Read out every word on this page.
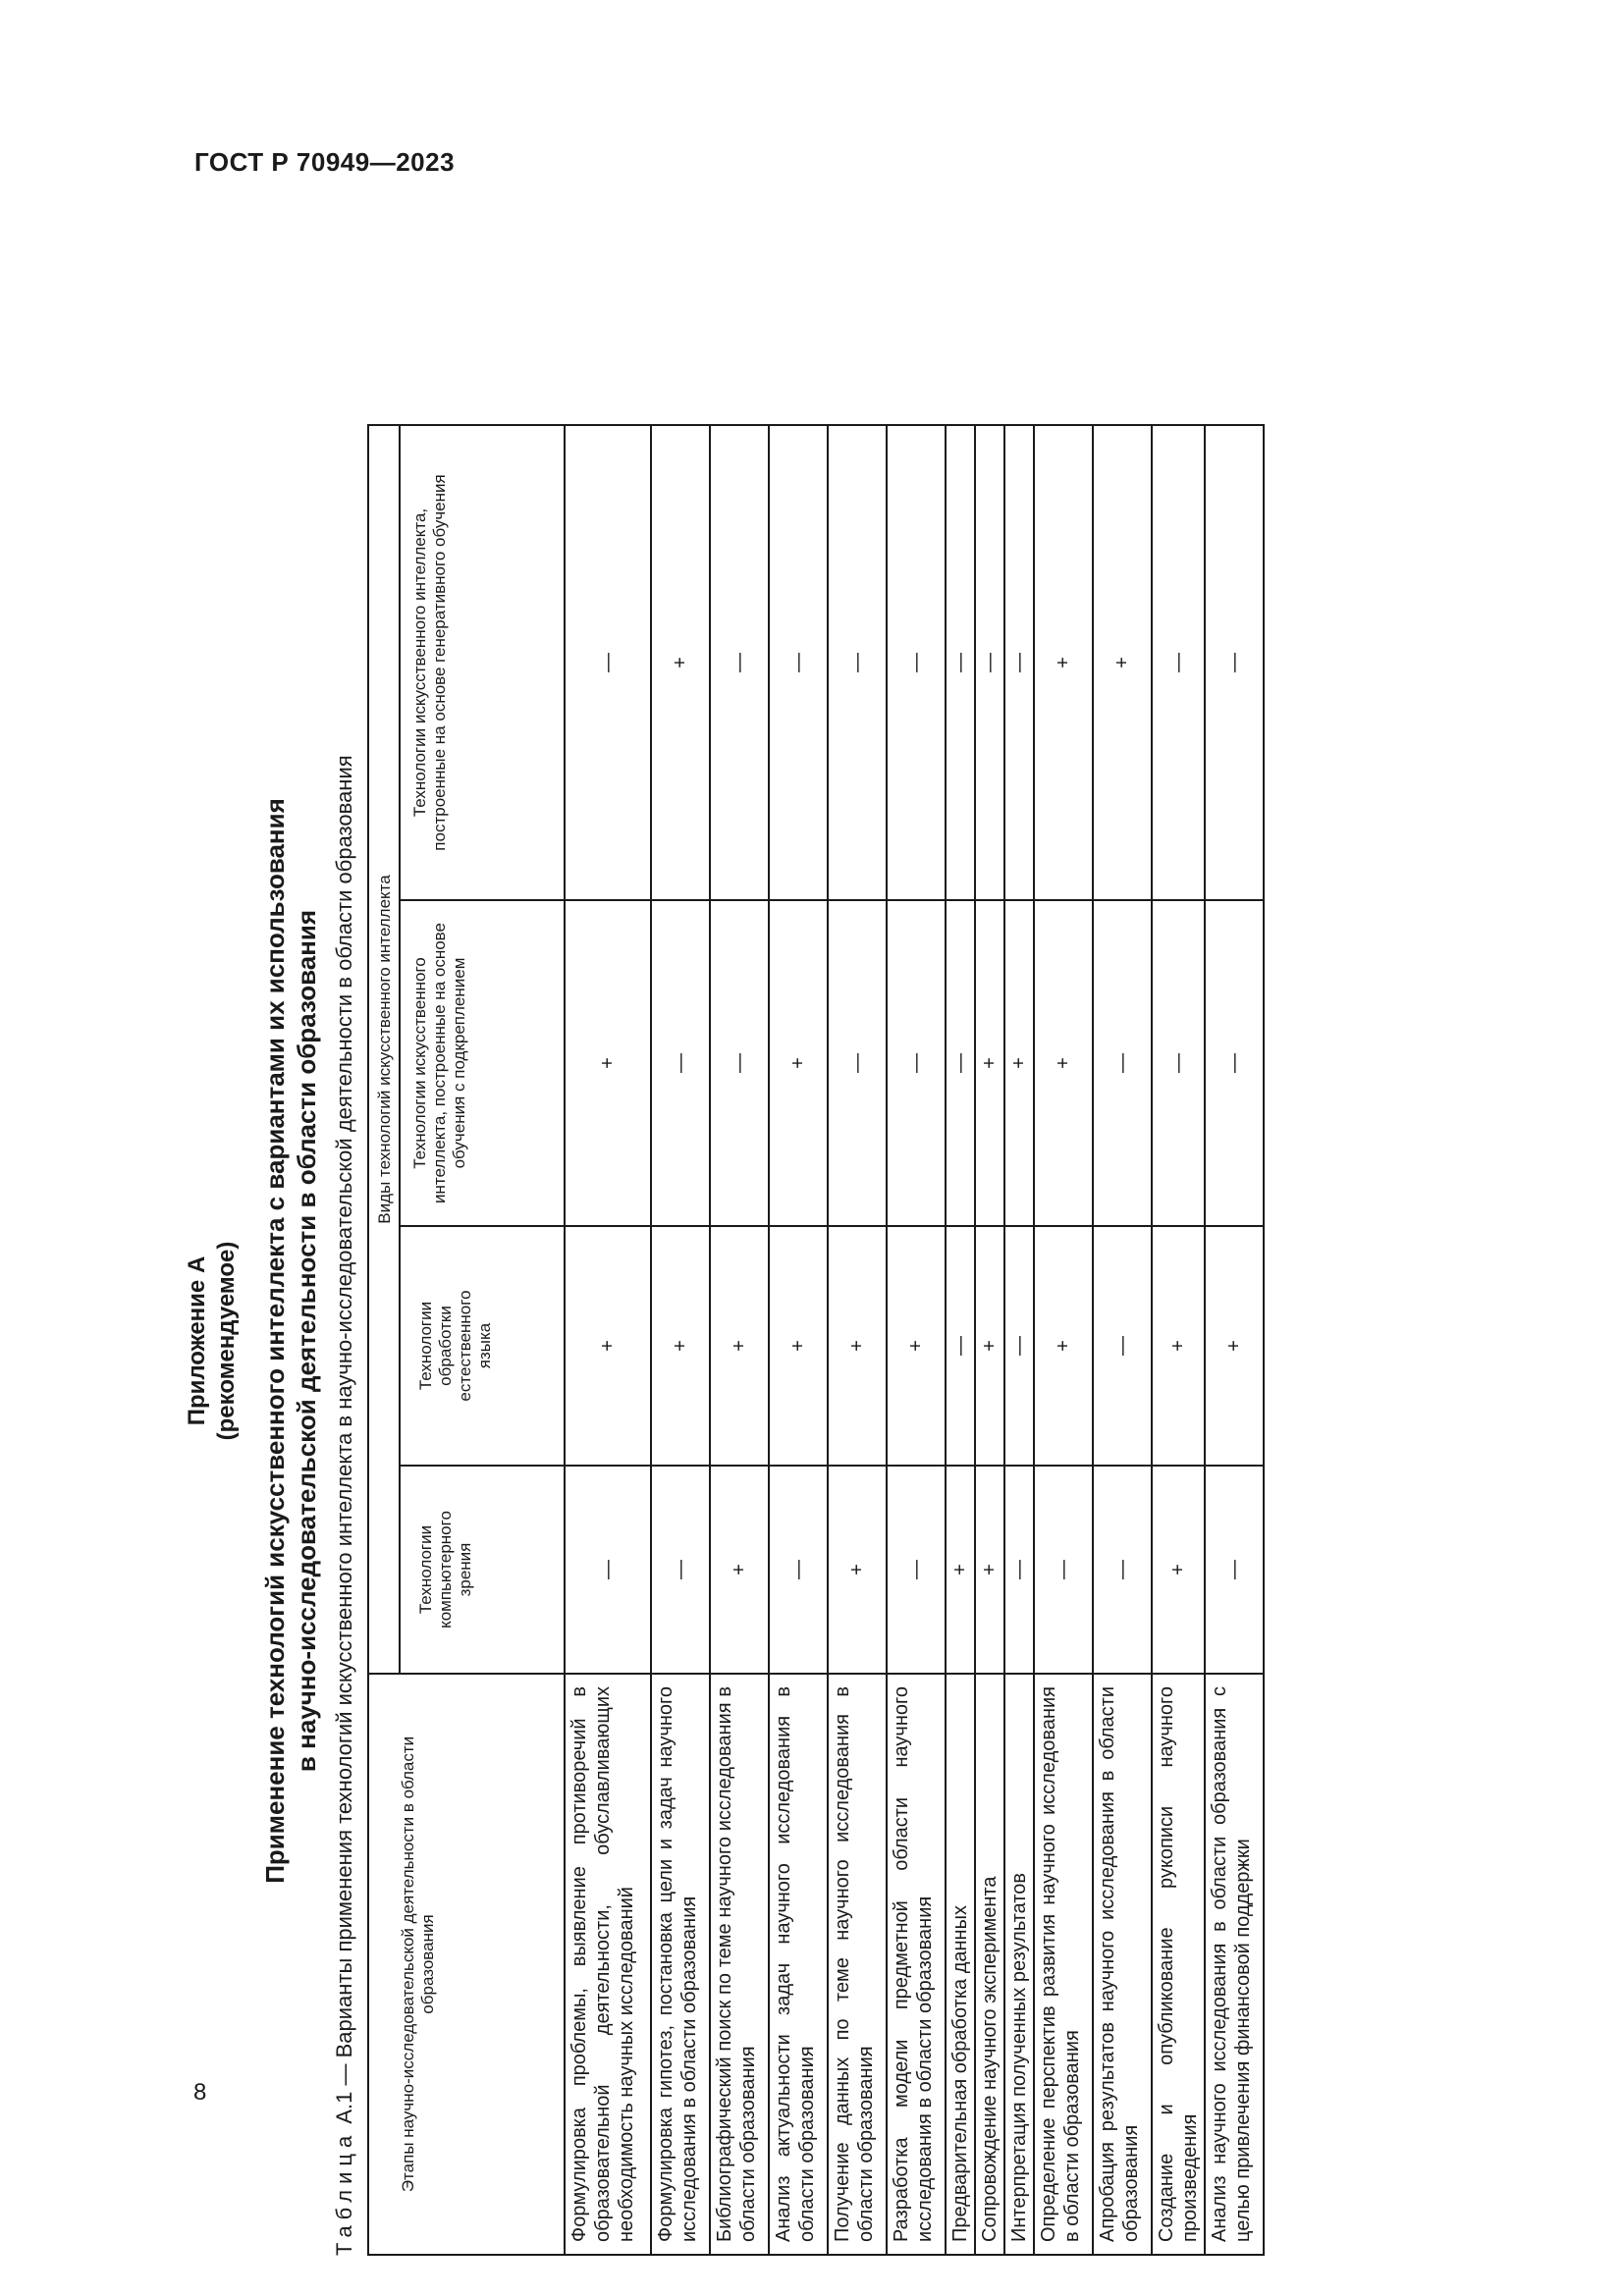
ГОСТ Р 70949—2023
Приложение А (рекомендуемое) Применение технологий искусственного интеллекта с вариантами их использования в научно-исследовательской деятельности в области образования
Таблица А.1 — Варианты применения технологий искусственного интеллекта в научно-исследовательской деятельности в области образования	Этапы научно-исследовательской деятельности в области образования	Виды технологий искусственного интеллекта			
	Технологии компьютерного зрения	Технологии обработки естественного языка	Технологии искусственного интеллекта, построенные на основе обучения с подкреплением	Технологии искусственного интеллекта, построенные на основе генеративного обучения
Формулировка проблемы, выявление противоречий в образовательной деятельности, обуславливающих необходимость научных исследований	—	+	+	—
Формулировка гипотез, постановка цели и задач научного исследования в области образования	—	+	—	+
Библиографический поиск по теме научного исследования в области образования	+	+	—	—
Анализ актуальности задач научного исследования в области образования	—	+	+	—
Получение данных по теме научного исследования в области образования	+	+	—	—
Разработка модели предметной области научного исследования в области образования	—	+	—	—
Предварительная обработка данных	+	—	—	—
Сопровождение научного эксперимента	+	+	+	—
Интерпретация полученных результатов	—	—	+	—
Определение перспектив развития научного исследования в области образования	—	+	+	+
Апробация результатов научного исследования в области образования	—	—	—	+
Создание и опубликование рукописи научного произведения	+	+	—	—
Анализ научного исследования в области образования с целью привлечения финансовой поддержки	—	+	—	—
8
